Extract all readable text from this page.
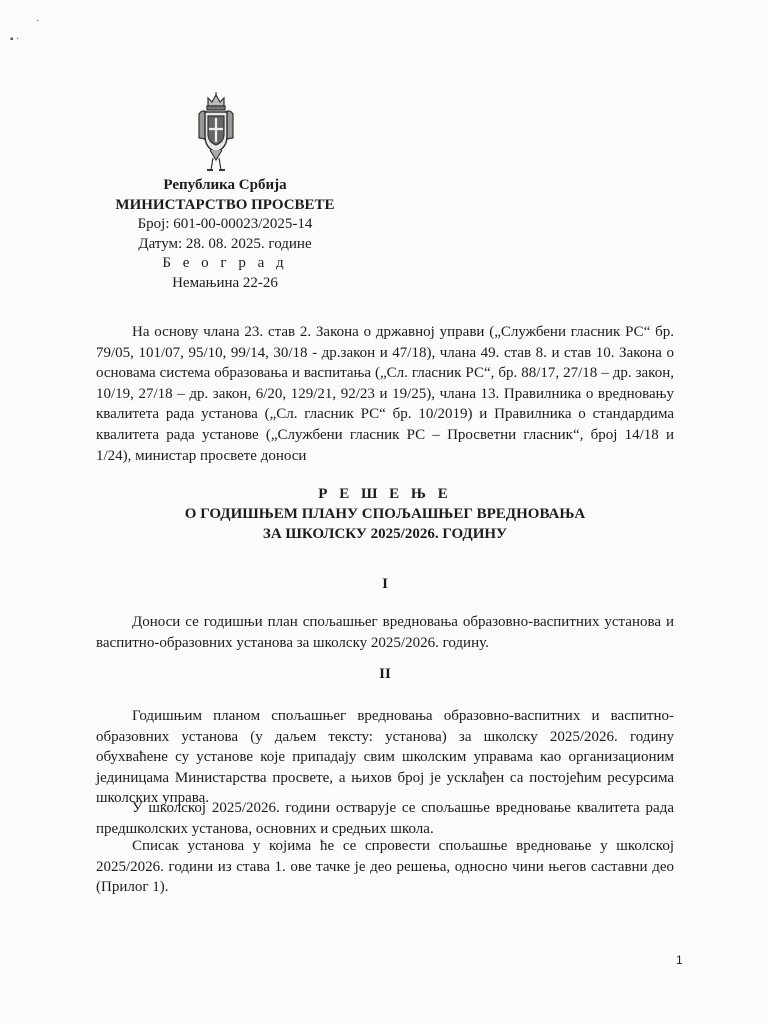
▪ ·
·
Република Србија
МИНИСТАРСТВО ПРОСВЕТЕ
Број: 601-00-00023/2025-14
Датум: 28. 08. 2025. године
Б е о г р а д
Немањина 22-26
На основу члана 23. став 2. Закона о државној управи („Службени гласник РС“ бр. 79/05, 101/07, 95/10, 99/14, 30/18 - др.закон и 47/18), члана 49. став 8. и став 10. Закона о основама система образовања и васпитања („Сл. гласник РС“, бр. 88/17, 27/18 – др. закон, 10/19, 27/18 – др. закон, 6/20, 129/21, 92/23 и 19/25), члана 13. Правилника о вредновању квалитета рада установа („Сл. гласник РС“ бр. 10/2019) и Правилника о стандардима квалитета рада установе („Службени гласник РС – Просветни гласник“, број 14/18 и 1/24), министар просвете доноси
Р Е Ш Е Њ Е
О ГОДИШЊЕМ ПЛАНУ СПОЉАШЊЕГ ВРЕДНОВАЊА
ЗА ШКОЛСКУ 2025/2026. ГОДИНУ
I
Доноси се годишњи план спољашњег вредновања образовно-васпитних установа и васпитно-образовних установа за школску 2025/2026. годину.
II
Годишњим планом спољашњег вредновања образовно-васпитних и васпитно-образовних установа (у даљем тексту: установа) за школску 2025/2026. годину обухваћене су установе које припадају свим школским управама као организационим јединицама Министарства просвете, а њихов број је усклађен са постојећим ресурсима школских управа.
У школској 2025/2026. години остварује се спољашње вредновање квалитета рада предшколских установа, основних и средњих школа.
Списак установа у којима ће се спровести спољашње вредновање у школској 2025/2026. години из става 1. ове тачке је део решења, односно чини његов саставни део (Прилог 1).
1
